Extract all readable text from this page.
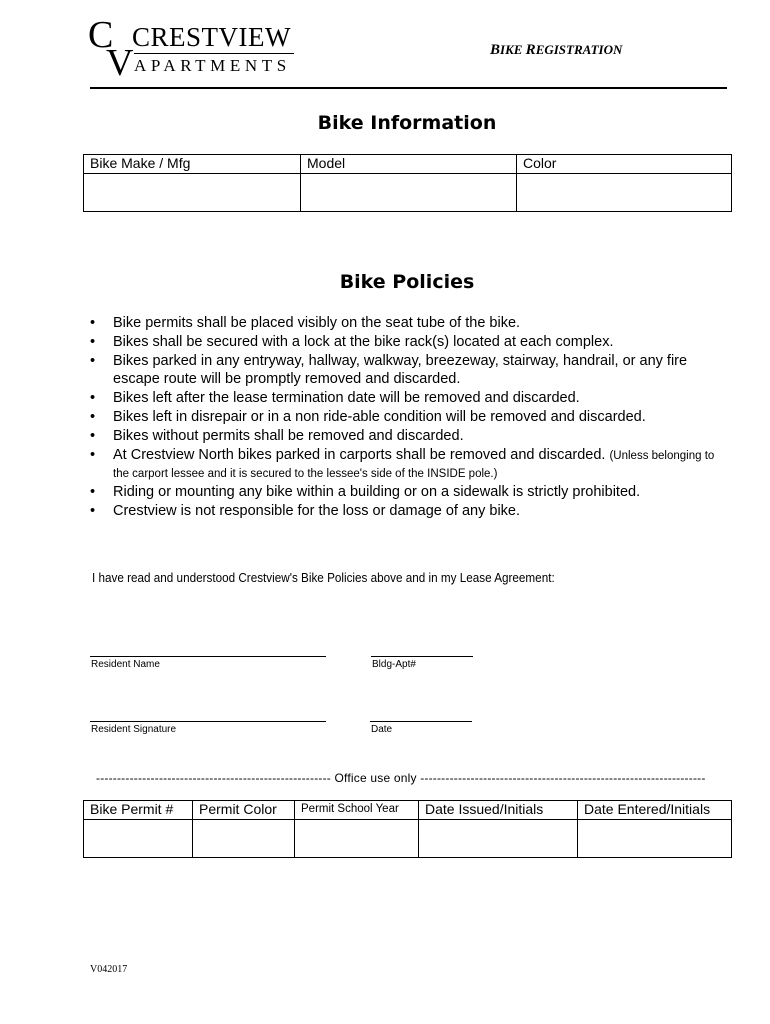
C
V
CRESTVIEW
APARTMENTS
BIKE REGISTRATION
Bike Information
Bike Make / Mfg	Model	Color

Bike Policies
• Bike permits shall be placed visibly on the seat tube of the bike.
• Bikes shall be secured with a lock at the bike rack(s) located at each complex.
• Bikes parked in any entryway, hallway, walkway, breezeway, stairway, handrail, or any fire escape route will be promptly removed and discarded.
• Bikes left after the lease termination date will be removed and discarded.
• Bikes left in disrepair or in a non ride-able condition will be removed and discarded.
• Bikes without permits shall be removed and discarded.
• At Crestview North bikes parked in carports shall be removed and discarded. (Unless belonging to the carport lessee and it is secured to the lessee's side of the INSIDE pole.)
• Riding or mounting any bike within a building or on a sidewalk is strictly prohibited.
• Crestview is not responsible for the loss or damage of any bike.
I have read and understood Crestview's Bike Policies above and in my Lease Agreement:
Resident Name	Bldg-Apt#
Resident Signature	Date
-------------------------------------------------------- Office use only --------------------------------------------------------------------
Bike Permit #	Permit Color	Permit School Year	Date Issued/Initials	Date Entered/Initials

V042017
